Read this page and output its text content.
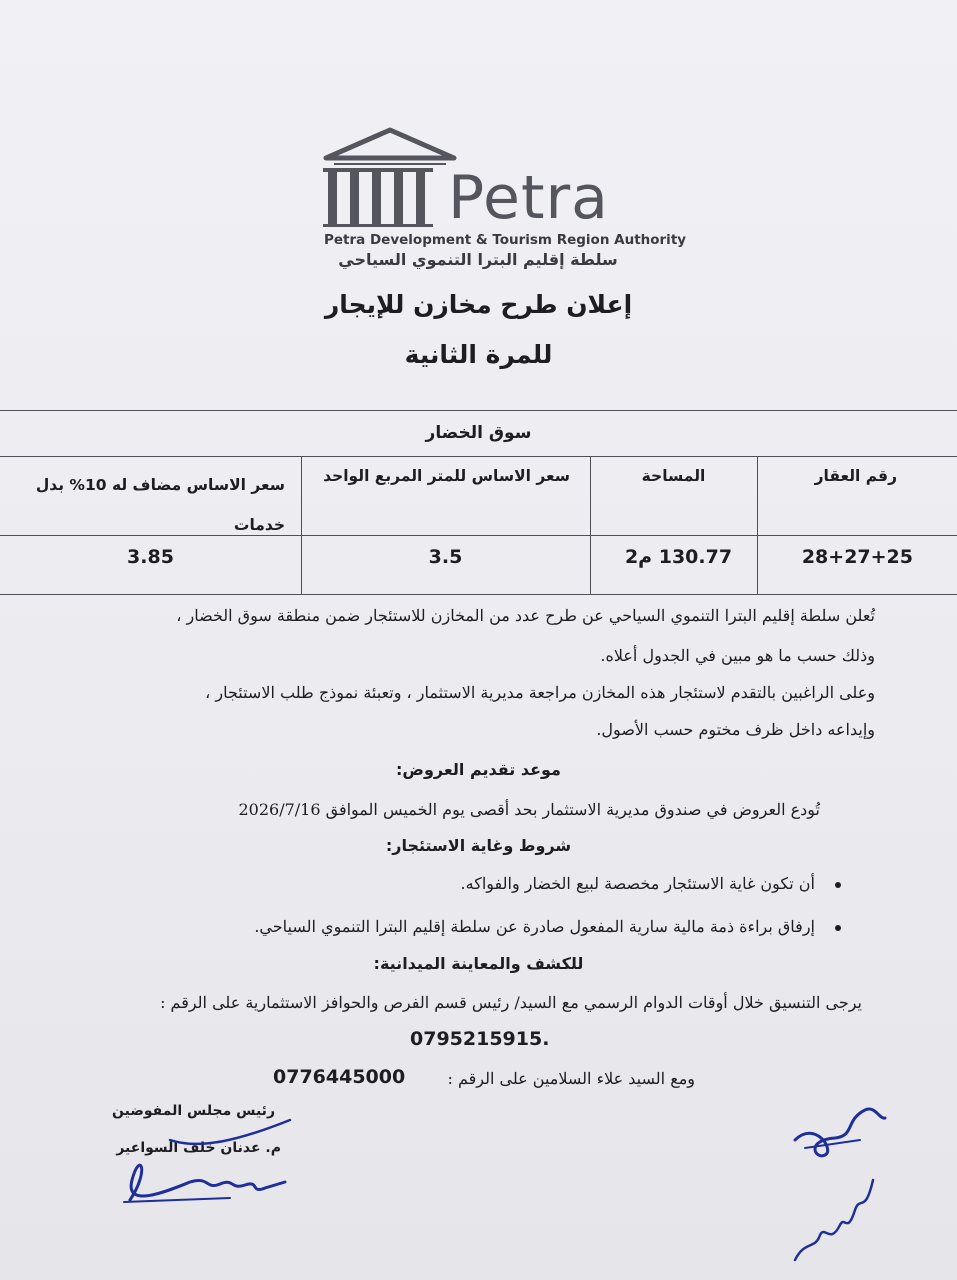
Petra
Petra Development & Tourism Region Authority
سلطة إقليم البترا التنموي السياحي
إعلان طرح مخازن للإيجار
للمرة الثانية
سوق الخضار
رقم العقار
المساحة
سعر الاساس للمتر المربع الواحد
سعر الاساس مضاف له 10% بدل خدمات
28+27+25
130.77 م2
3.5
3.85
تُعلن سلطة إقليم البترا التنموي السياحي عن طرح عدد من المخازن للاستئجار ضمن منطقة سوق الخضار ،
وذلك حسب ما هو مبين في الجدول أعلاه.
وعلى الراغبين بالتقدم لاستئجار هذه المخازن مراجعة مديرية الاستثمار ، وتعبئة نموذج طلب الاستئجار ،
وإيداعه داخل ظرف مختوم حسب الأصول.
موعد تقديم العروض:
تُودع العروض في صندوق مديرية الاستثمار بحد أقصى يوم الخميس الموافق 2026/7/16
شروط وغاية الاستئجار:
أن تكون غاية الاستئجار مخصصة لبيع الخضار والفواكه.
إرفاق براءة ذمة مالية سارية المفعول صادرة عن سلطة إقليم البترا التنموي السياحي.
للكشف والمعاينة الميدانية:
يرجى التنسيق خلال أوقات الدوام الرسمي مع السيد/ رئيس قسم الفرص والحوافز الاستثمارية على الرقم :
0795215915.
ومع السيد علاء السلامين على الرقم :
0776445000
رئيس مجلس المفوضين
م. عدنان خلف السواعير
